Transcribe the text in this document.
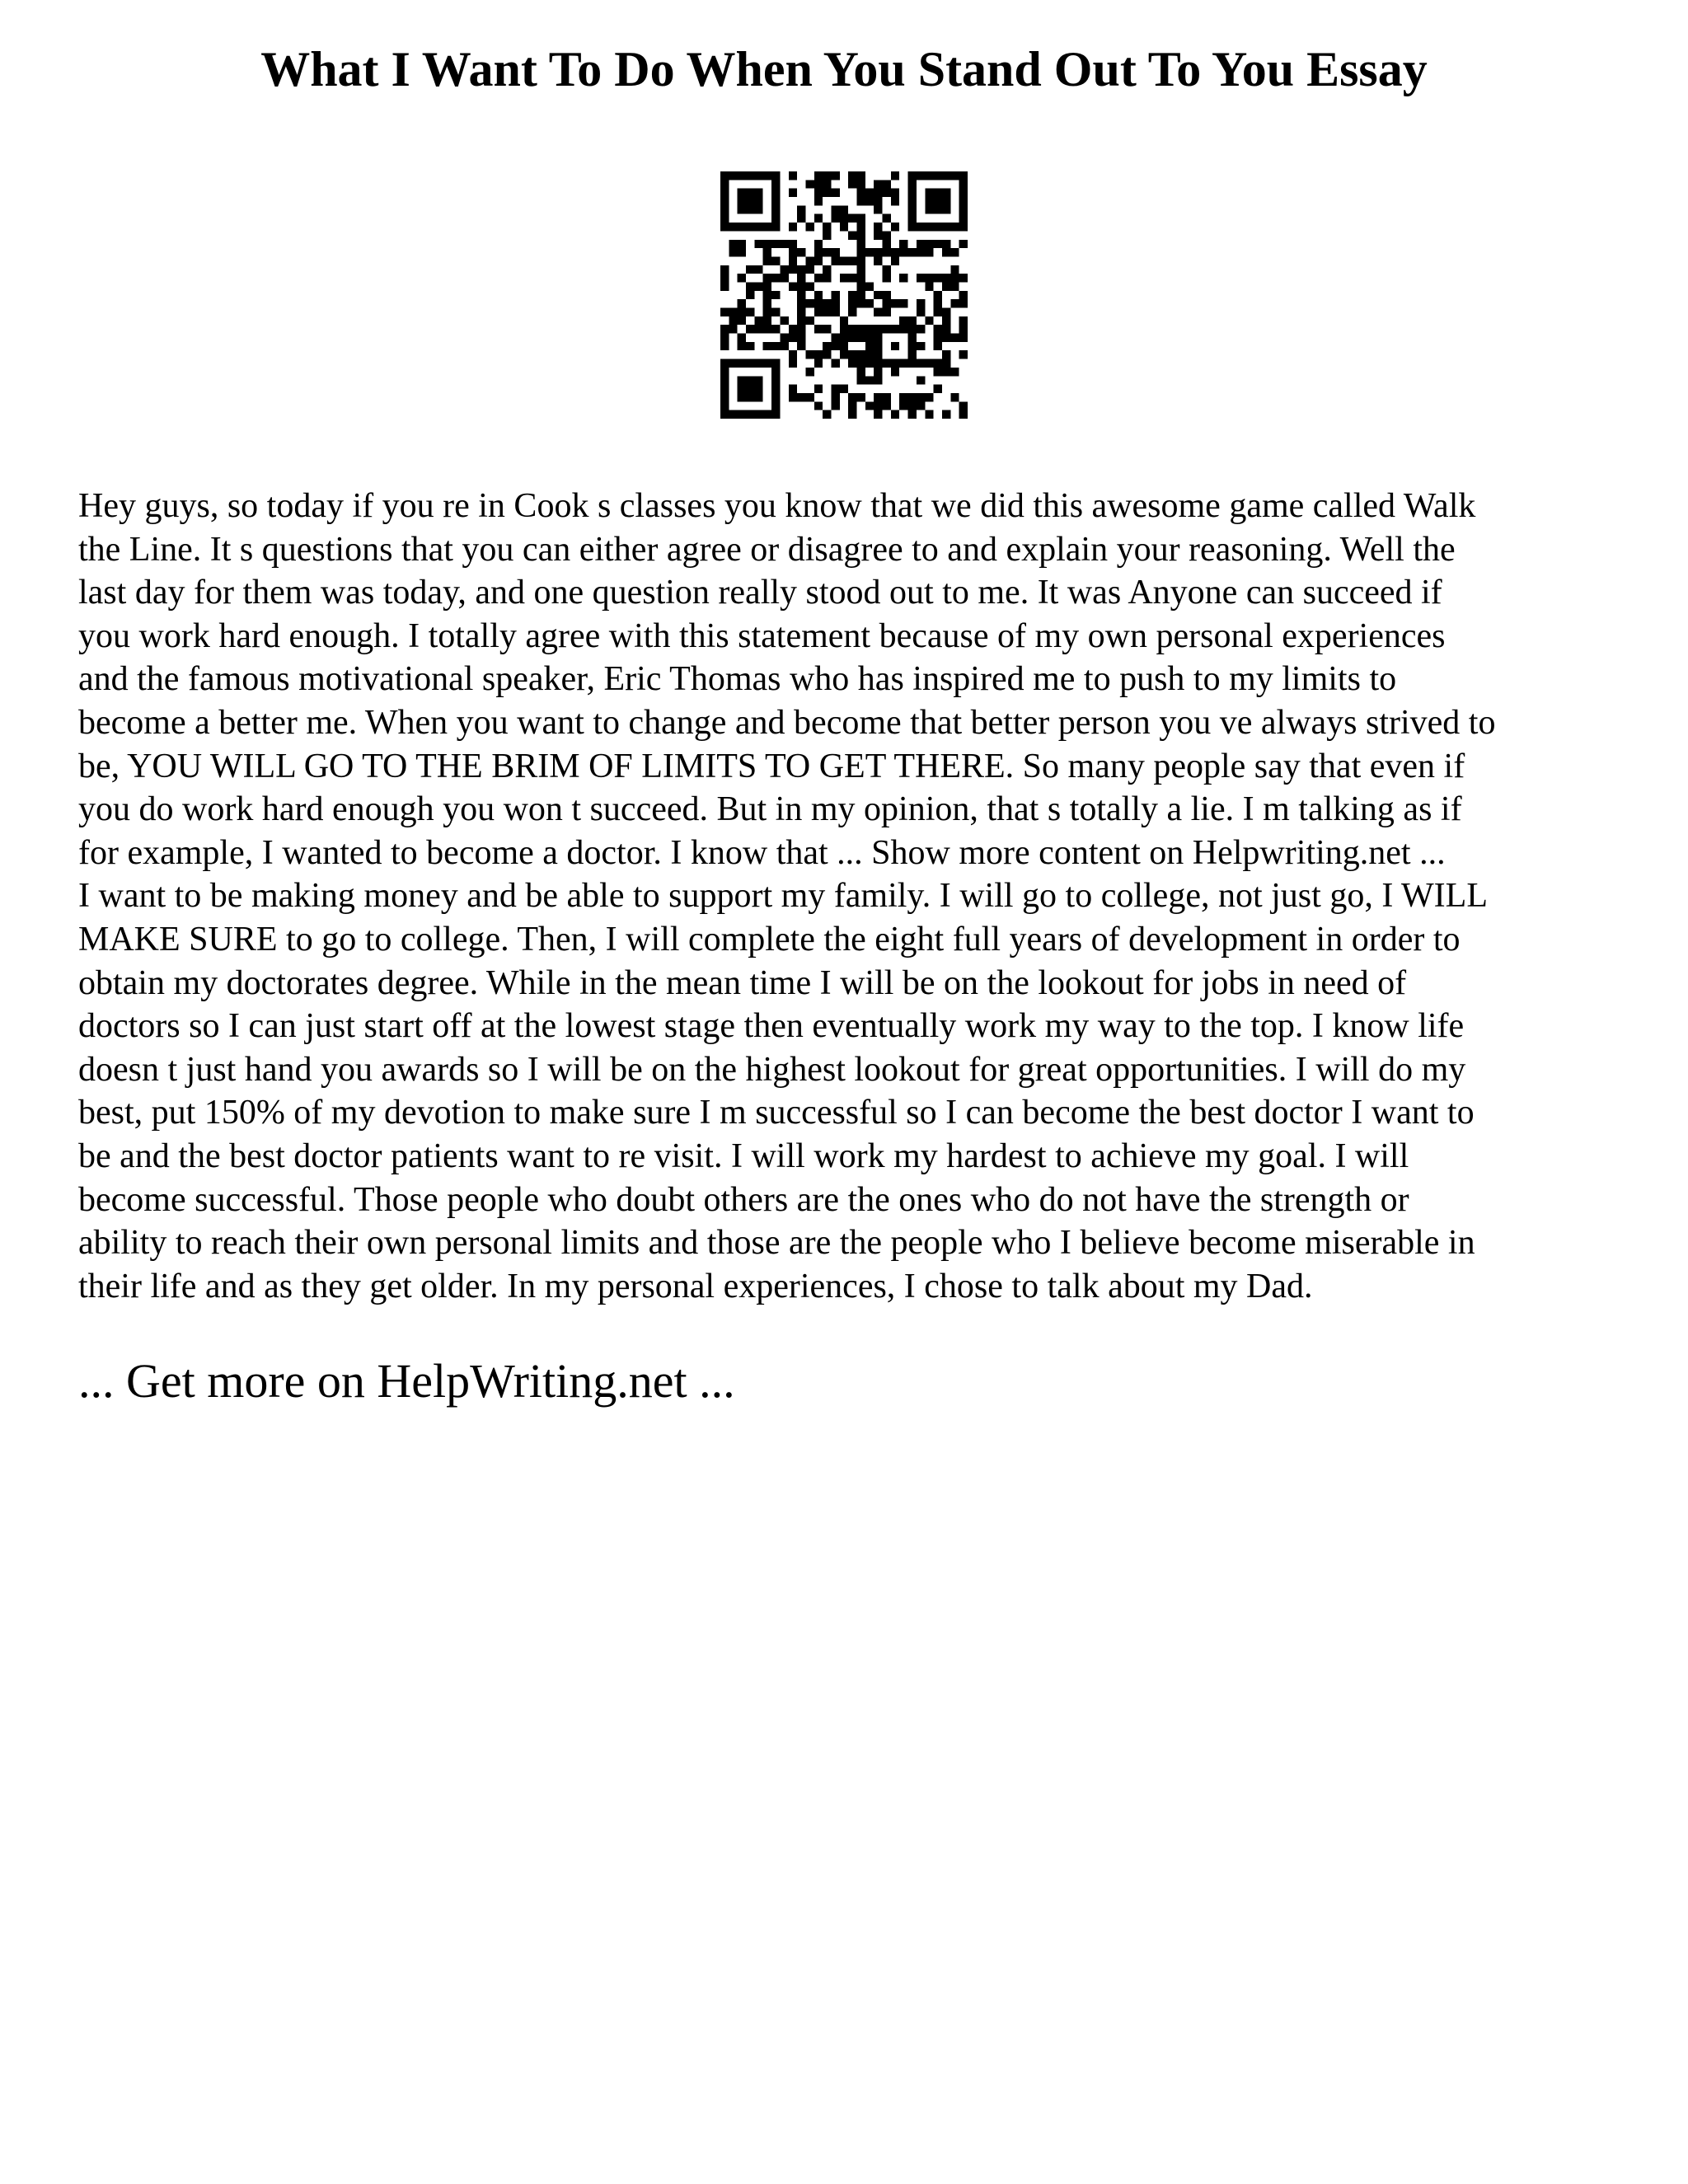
What I Want To Do When You Stand Out To You Essay

Hey guys, so today if you re in Cook s classes you know that we did this awesome game called Walk

the Line. It s questions that you can either agree or disagree to and explain your reasoning. Well the

last day for them was today, and one question really stood out to me. It was Anyone can succeed if

you work hard enough. I totally agree with this statement because of my own personal experiences

and the famous motivational speaker, Eric Thomas who has inspired me to push to my limits to

become a better me. When you want to change and become that better person you ve always strived to

be, YOU WILL GO TO THE BRIM OF LIMITS TO GET THERE. So many people say that even if

you do work hard enough you won t succeed. But in my opinion, that s totally a lie. I m talking as if

for example, I wanted to become a doctor. I know that ... Show more content on Helpwriting.net ...

I want to be making money and be able to support my family. I will go to college, not just go, I WILL

MAKE SURE to go to college. Then, I will complete the eight full years of development in order to

obtain my doctorates degree. While in the mean time I will be on the lookout for jobs in need of

doctors so I can just start off at the lowest stage then eventually work my way to the top. I know life

doesn t just hand you awards so I will be on the highest lookout for great opportunities. I will do my

best, put 150% of my devotion to make sure I m successful so I can become the best doctor I want to

be and the best doctor patients want to re visit. I will work my hardest to achieve my goal. I will

become successful. Those people who doubt others are the ones who do not have the strength or

ability to reach their own personal limits and those are the people who I believe become miserable in

their life and as they get older. In my personal experiences, I chose to talk about my Dad.

... Get more on HelpWriting.net ...
